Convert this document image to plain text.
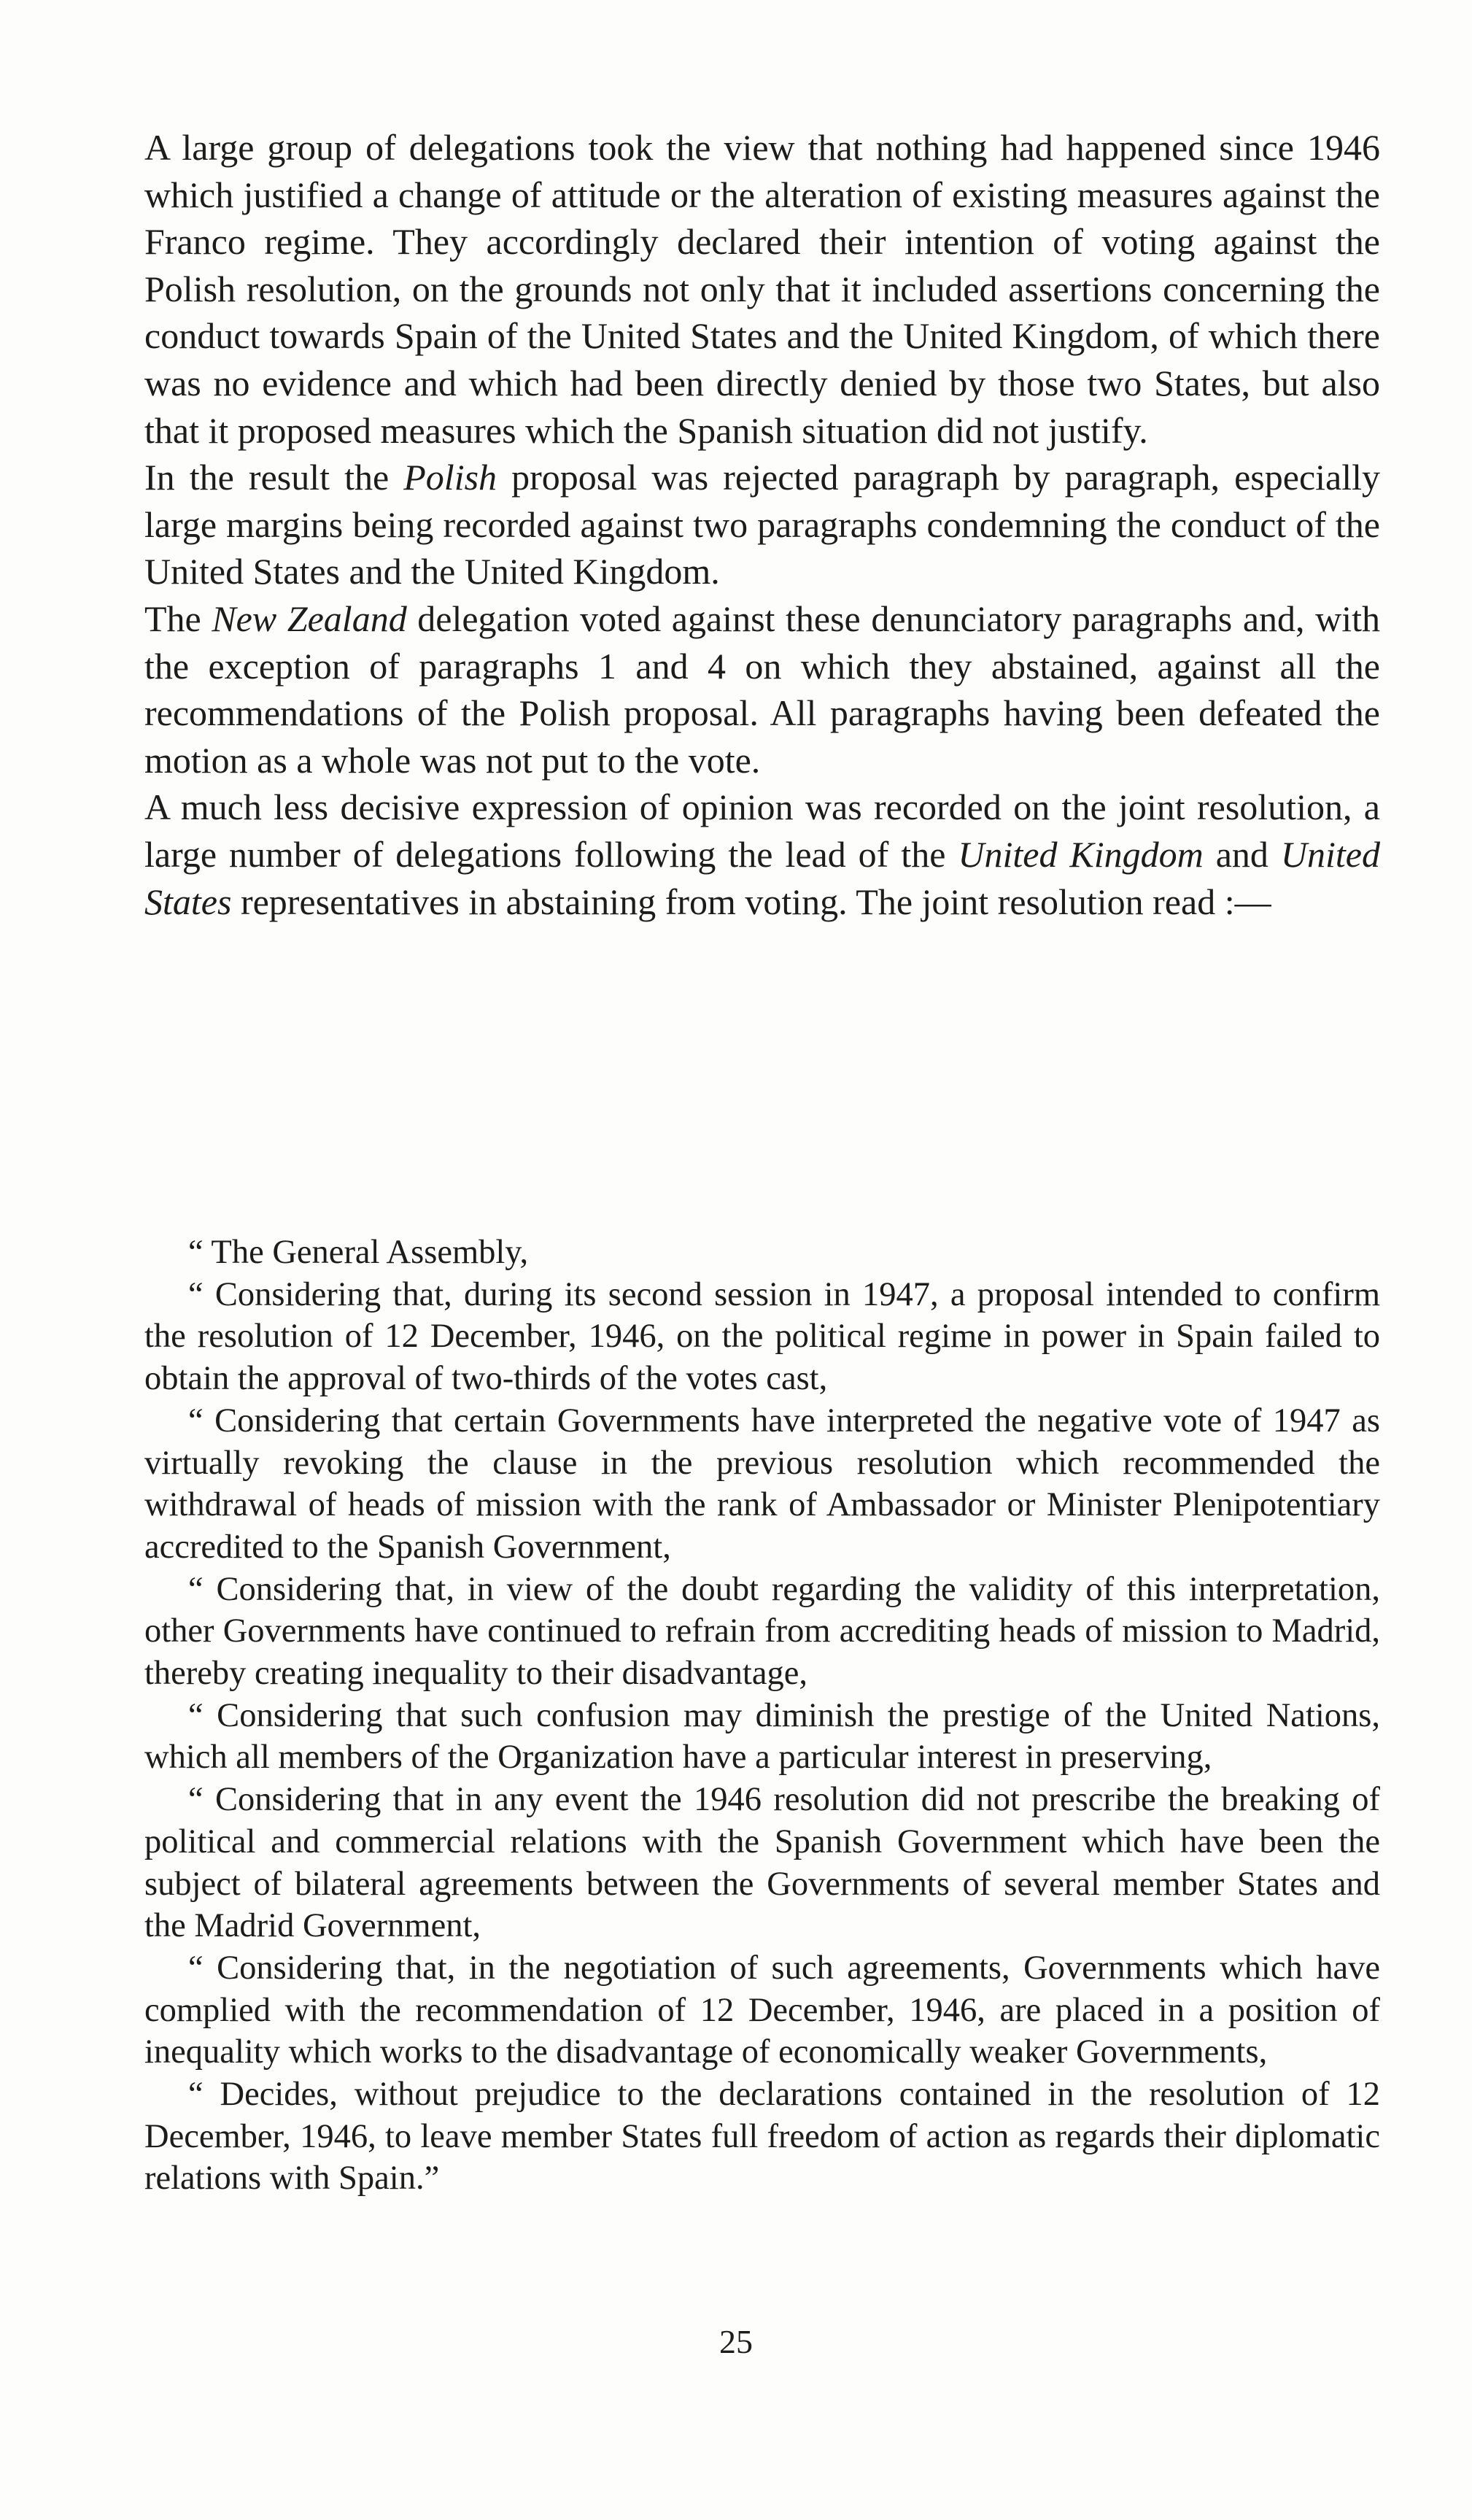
A large group of delegations took the view that nothing had happened since 1946 which justified a change of attitude or the alteration of existing measures against the Franco regime. They accordingly declared their intention of voting against the Polish resolution, on the grounds not only that it included assertions concerning the conduct towards Spain of the United States and the United Kingdom, of which there was no evidence and which had been directly denied by those two States, but also that it proposed measures which the Spanish situation did not justify.

In the result the Polish proposal was rejected paragraph by paragraph, especially large margins being recorded against two paragraphs condemning the conduct of the United States and the United Kingdom.

The New Zealand delegation voted against these denunciatory paragraphs and, with the exception of paragraphs 1 and 4 on which they abstained, against all the recommendations of the Polish proposal. All paragraphs having been defeated the motion as a whole was not put to the vote.

A much less decisive expression of opinion was recorded on the joint resolution, a large number of delegations following the lead of the United Kingdom and United States representatives in abstaining from voting. The joint resolution read :—

“ The General Assembly,

“ Considering that, during its second session in 1947, a proposal intended to confirm the resolution of 12 December, 1946, on the political regime in power in Spain failed to obtain the approval of two-thirds of the votes cast,

“ Considering that certain Governments have interpreted the negative vote of 1947 as virtually revoking the clause in the previous resolution which recommended the withdrawal of heads of mission with the rank of Ambassador or Minister Plenipotentiary accredited to the Spanish Government,

“ Considering that, in view of the doubt regarding the validity of this interpretation, other Governments have continued to refrain from accrediting heads of mission to Madrid, thereby creating inequality to their disadvantage,

“ Considering that such confusion may diminish the prestige of the United Nations, which all members of the Organization have a particular interest in preserving,

“ Considering that in any event the 1946 resolution did not prescribe the breaking of political and commercial relations with the Spanish Government which have been the subject of bilateral agreements between the Governments of several member States and the Madrid Government,

“ Considering that, in the negotiation of such agreements, Governments which have complied with the recommendation of 12 December, 1946, are placed in a position of inequality which works to the disadvantage of economically weaker Governments,

“ Decides, without prejudice to the declarations contained in the resolution of 12 December, 1946, to leave member States full freedom of action as regards their diplomatic relations with Spain.”

25
